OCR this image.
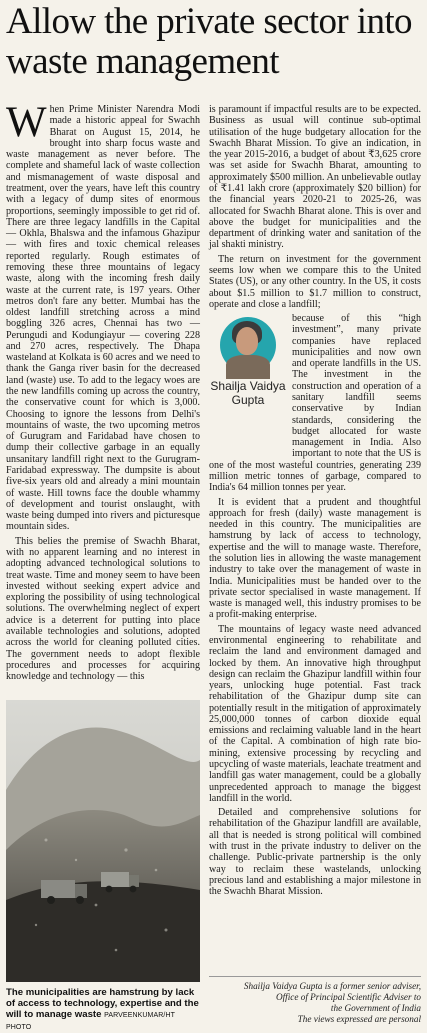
Allow the private sector into waste management

When Prime Minister Narendra Modi made a historic appeal for Swachh Bharat on August 15, 2014, he brought into sharp focus waste and waste management as never before. The complete and shameful lack of waste collection and mismanagement of waste disposal and treatment, over the years, have left this country with a legacy of dump sites of enormous proportions, seemingly impossible to get rid of. There are three legacy landfills in the Capital — Okhla, Bhalswa and the infamous Ghazipur — with fires and toxic chemical releases reported regularly. Rough estimates of removing these three mountains of legacy waste, along with the incoming fresh daily waste at the current rate, is 197 years. Other metros don't fare any better. Mumbai has the oldest landfill stretching across a mind boggling 326 acres, Chennai has two — Perungudi and Kodungiayur — covering 228 and 270 acres, respectively. The Dhapa wasteland at Kolkata is 60 acres and we need to thank the Ganga river basin for the decreased land (waste) use. To add to the legacy woes are the new landfills coming up across the country, the conservative count for which is 3,000. Choosing to ignore the lessons from Delhi's mountains of waste, the two upcoming metros of Gurugram and Faridabad have chosen to dump their collective garbage in an equally unsanitary landfill right next to the Gurugram-Faridabad expressway. The dumpsite is about five-six years old and already a mini mountain of waste. Hill towns face the double whammy of development and tourist onslaught, with waste being dumped into rivers and picturesque mountain sides.

This belies the premise of Swachh Bharat, with no apparent learning and no interest in adopting advanced technological solutions to treat waste. Time and money seem to have been invested without seeking expert advice and exploring the possibility of using technological solutions. The overwhelming neglect of expert advice is a deterrent for putting into place available technologies and solutions, adopted across the world for cleaning polluted cities. The government needs to adopt flexible procedures and processes for acquiring knowledge and technology — this

The municipalities are hamstrung by lack of access to technology, expertise and the will to manage waste PARVEENKUMAR/HT PHOTO

is paramount if impactful results are to be expected. Business as usual will continue sub-optimal utilisation of the huge budgetary allocation for the Swachh Bharat Mission. To give an indication, in the year 2015-2016, a budget of about ₹3,625 crore was set aside for Swachh Bharat, amounting to approximately $500 million. An unbelievable outlay of ₹1.41 lakh crore (approximately $20 billion) for the financial years 2020-21 to 2025-26, was allocated for Swachh Bharat alone. This is over and above the budget for municipalities and the department of drinking water and sanitation of the jal shakti ministry.

The return on investment for the government seems low when we compare this to the United States (US), or any other country. In the US, it costs about $1.5 million to $1.7 million to construct, operate and close a landfill;

Shailja Vaidya Gupta

because of this “high investment”, many private companies have replaced municipalities and now own and operate landfills in the US. The investment in the construction and operation of a sanitary landfill seems conservative by Indian standards, considering the budget allocated for waste management in India. Also important to note that the US is one of the most wasteful countries, generating 239 million metric tonnes of garbage, compared to India's 64 million tonnes per year.

It is evident that a prudent and thoughtful approach for fresh (daily) waste management is needed in this country. The municipalities are hamstrung by lack of access to technology, expertise and the will to manage waste. Therefore, the solution lies in allowing the waste management industry to take over the management of waste in India. Municipalities must be handed over to the private sector specialised in waste management. If waste is managed well, this industry promises to be a profit-making enterprise.

The mountains of legacy waste need advanced environmental engineering to rehabilitate and reclaim the land and environment damaged and locked by them. An innovative high throughput design can reclaim the Ghazipur landfill within four years, unlocking huge potential. Fast track rehabilitation of the Ghazipur dump site can potentially result in the mitigation of approximately 25,000,000 tonnes of carbon dioxide equal emissions and reclaiming valuable land in the heart of the Capital. A combination of high rate bio-mining, extensive processing by recycling and upcycling of waste materials, leachate treatment and landfill gas water management, could be a globally unprecedented approach to manage the biggest landfill in the world.

Detailed and comprehensive solutions for rehabilitation of the Ghazipur landfill are available, all that is needed is strong political will combined with trust in the private industry to deliver on the challenge. Public-private partnership is the only way to reclaim these wastelands, unlocking precious land and establishing a major milestone in the Swachh Bharat Mission.

Shailja Vaidya Gupta is a former senior adviser,
Office of Principal Scientific Adviser to
the Government of India
The views expressed are personal
